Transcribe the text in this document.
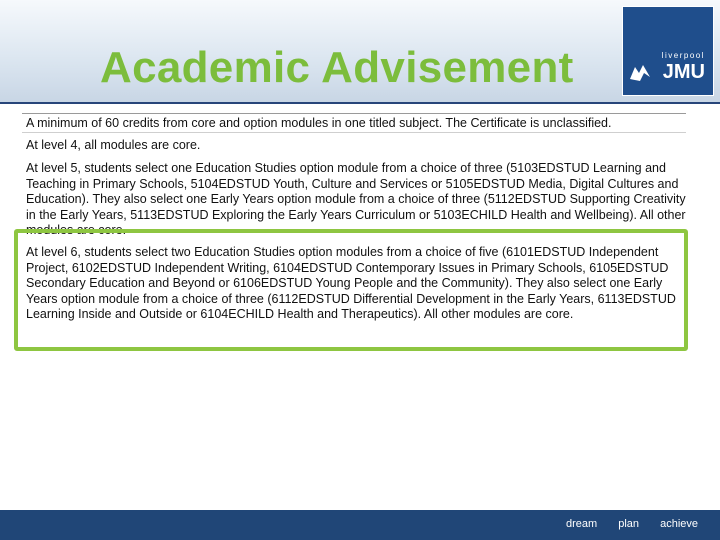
Academic Advisement	liverpool
JMU

A minimum of 60 credits from core and option modules in one titled subject. The Certificate is unclassified.

At level 4, all modules are core.

At level 5, students select one Education Studies option module from a choice of three (5103EDSTUD Learning and Teaching in Primary Schools, 5104EDSTUD Youth, Culture and Services or 5105EDSTUD Media, Digital Cultures and Education). They also select one Early Years option module from a choice of three (5112EDSTUD Supporting Creativity in the Early Years, 5113EDSTUD Exploring the Early Years Curriculum or 5103ECHILD Health and Wellbeing). All other modules are core.

At level 6, students select two Education Studies option modules from a choice of five (6101EDSTUD Independent Project, 6102EDSTUD Independent Writing, 6104EDSTUD Contemporary Issues in Primary Schools, 6105EDSTUD Secondary Education and Beyond or 6106EDSTUD Young People and the Community). They also select one Early Years option module from a choice of three (6112EDSTUD Differential Development in the Early Years, 6113EDSTUD Learning Inside and Outside or 6104ECHILD Health and Therapeutics). All other modules are core.

dream plan achieve
